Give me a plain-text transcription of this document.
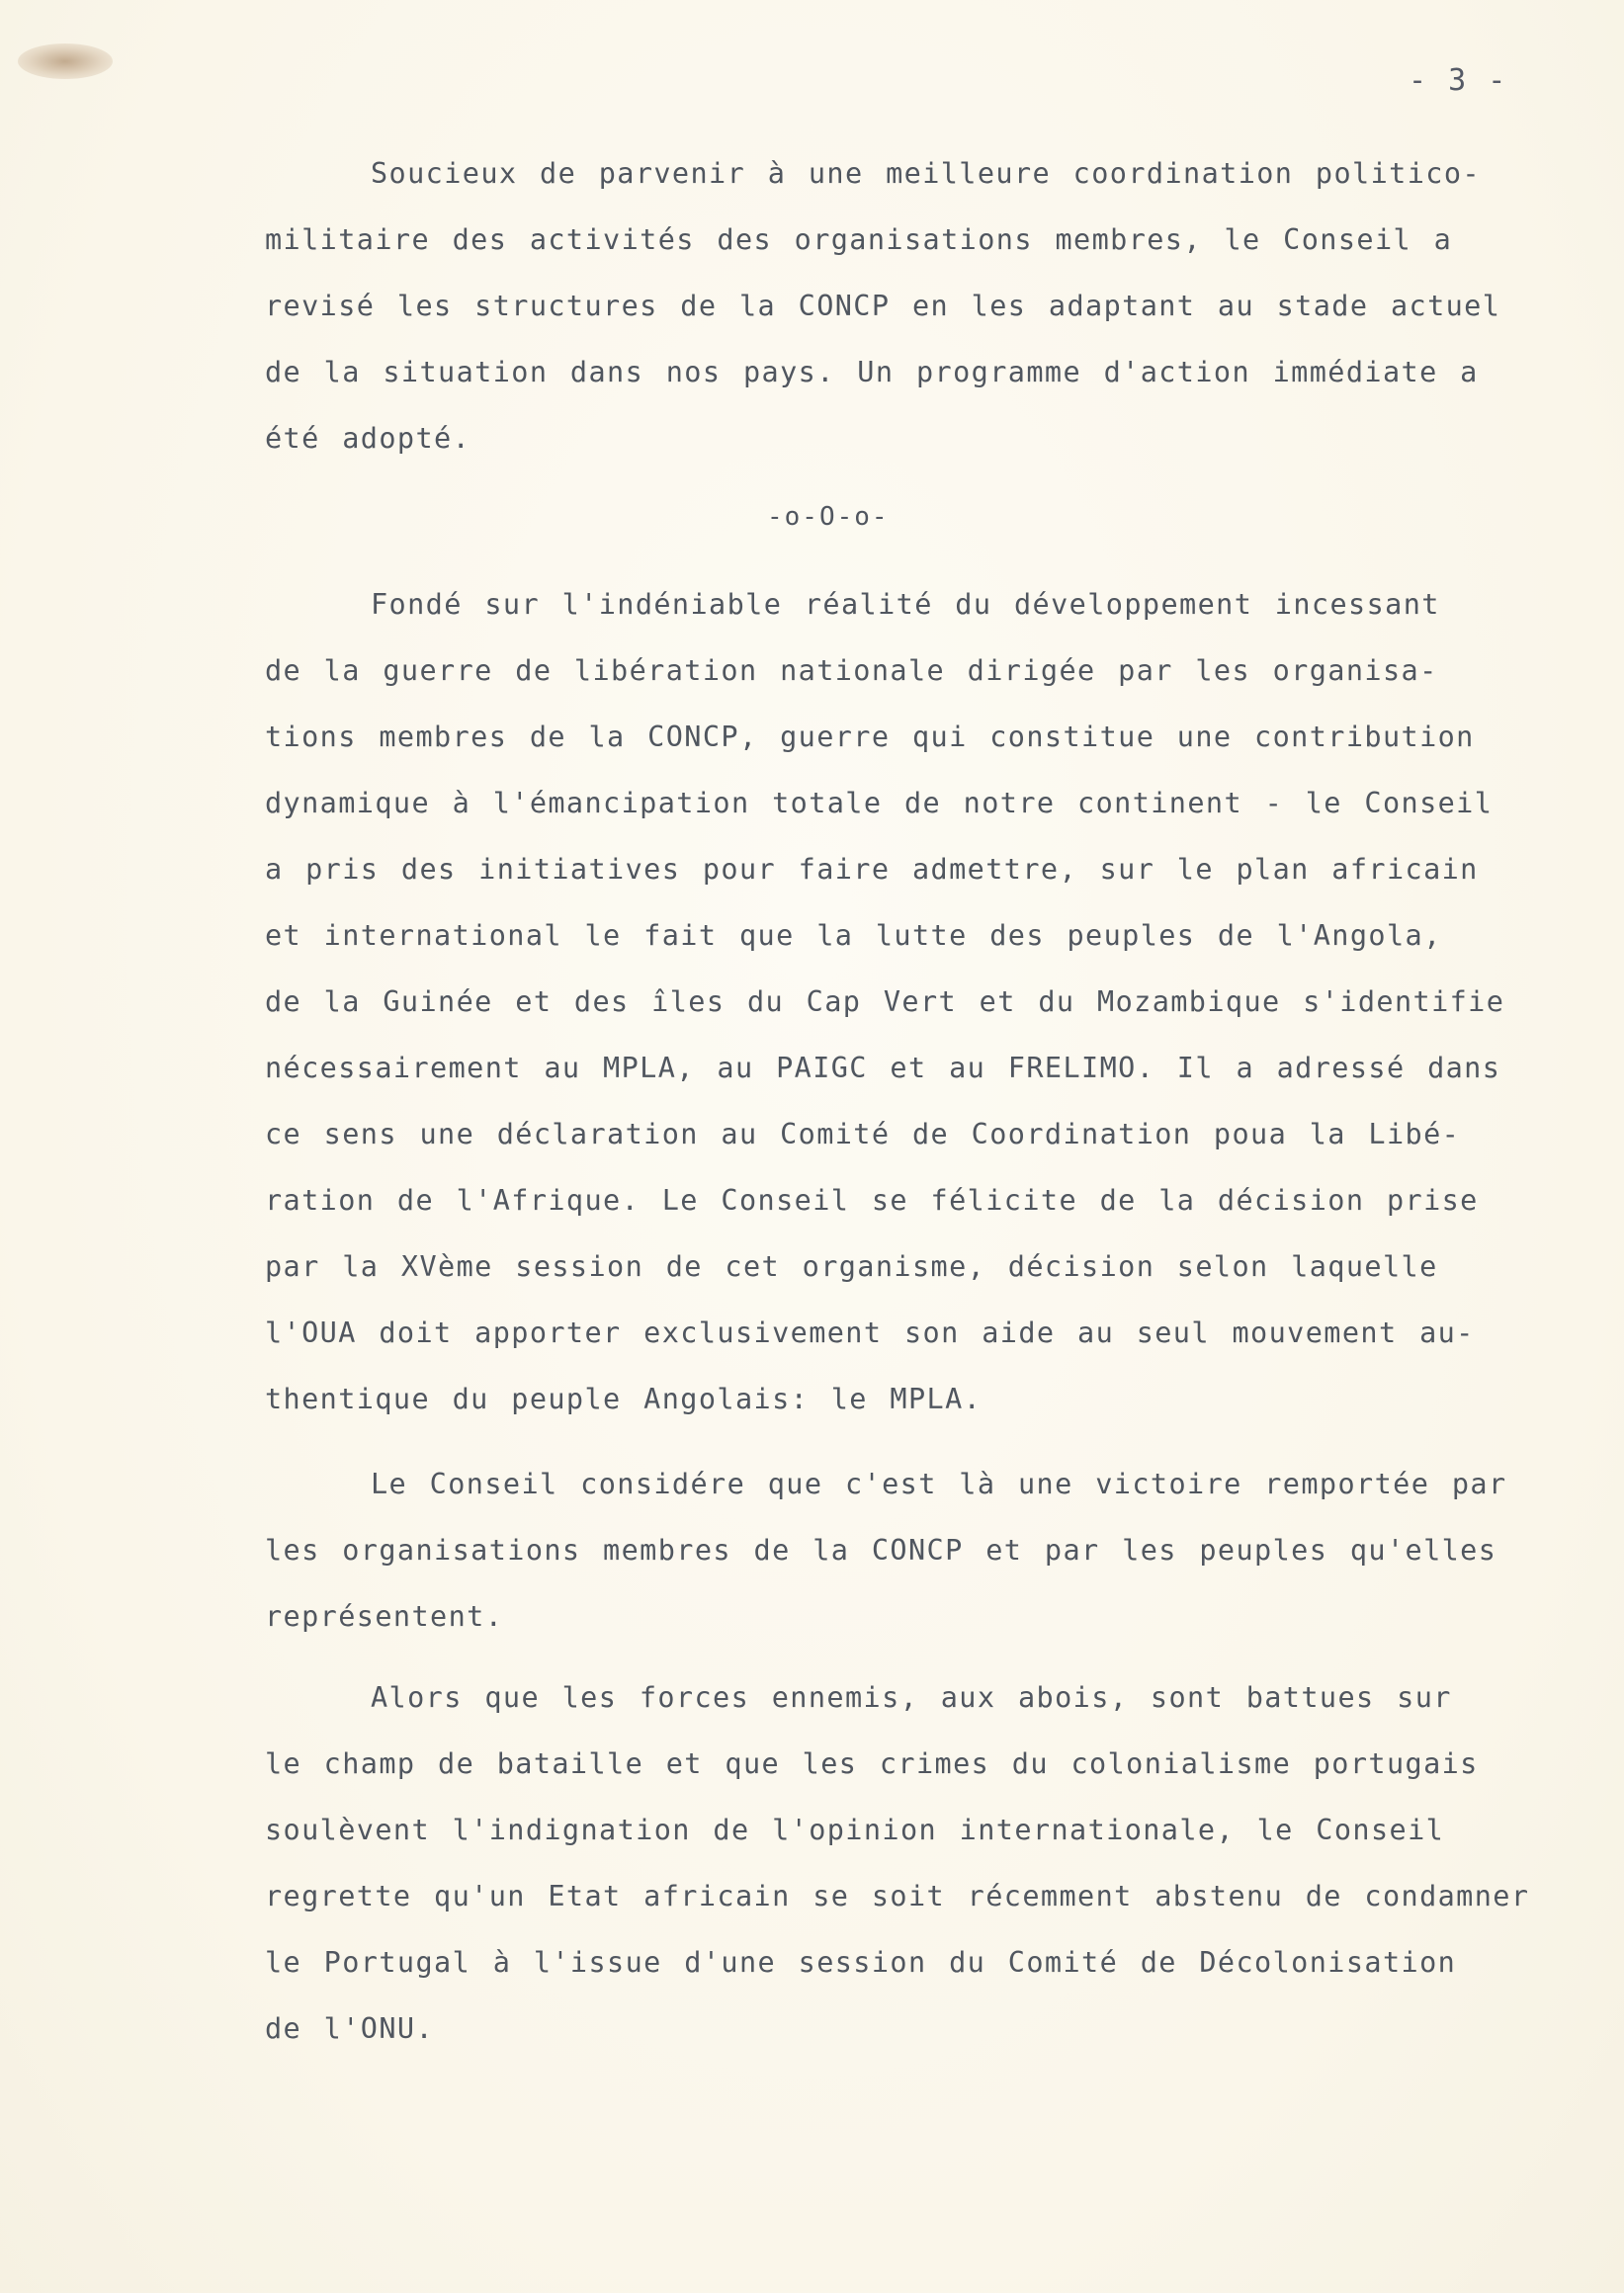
- 3 -
Soucieux de parvenir à une meilleure coordination politico-
militaire des activités des organisations membres, le Conseil a
revisé les structures de la CONCP en les adaptant au stade actuel
de la situation dans nos pays. Un programme d'action immédiate a
été adopté.
-o-O-o-
Fondé sur l'indéniable réalité du développement incessant
de la guerre de libération nationale dirigée par les organisa-
tions membres de la CONCP, guerre qui constitue une contribution
dynamique à l'émancipation totale de notre continent - le Conseil
a pris des initiatives pour faire admettre, sur le plan africain
et international le fait que la lutte des peuples de l'Angola,
de la Guinée et des îles du Cap Vert et du Mozambique s'identifie
nécessairement au MPLA, au PAIGC et au FRELIMO. Il a adressé dans
ce sens une déclaration au Comité de Coordination poua la Libé-
ration de l'Afrique. Le Conseil se félicite de la décision prise
par la XVème session de cet organisme, décision selon laquelle
l'OUA doit apporter exclusivement son aide au seul mouvement au-
thentique du peuple Angolais: le MPLA.
Le Conseil considére que c'est là une victoire remportée par
les organisations membres de la CONCP et par les peuples qu'elles
représentent.
Alors que les forces ennemis, aux abois, sont battues sur
le champ de bataille et que les crimes du colonialisme portugais
soulèvent l'indignation de l'opinion internationale, le Conseil
regrette qu'un Etat africain se soit récemment abstenu de condamner
le Portugal à l'issue d'une session du Comité de Décolonisation
de l'ONU.
